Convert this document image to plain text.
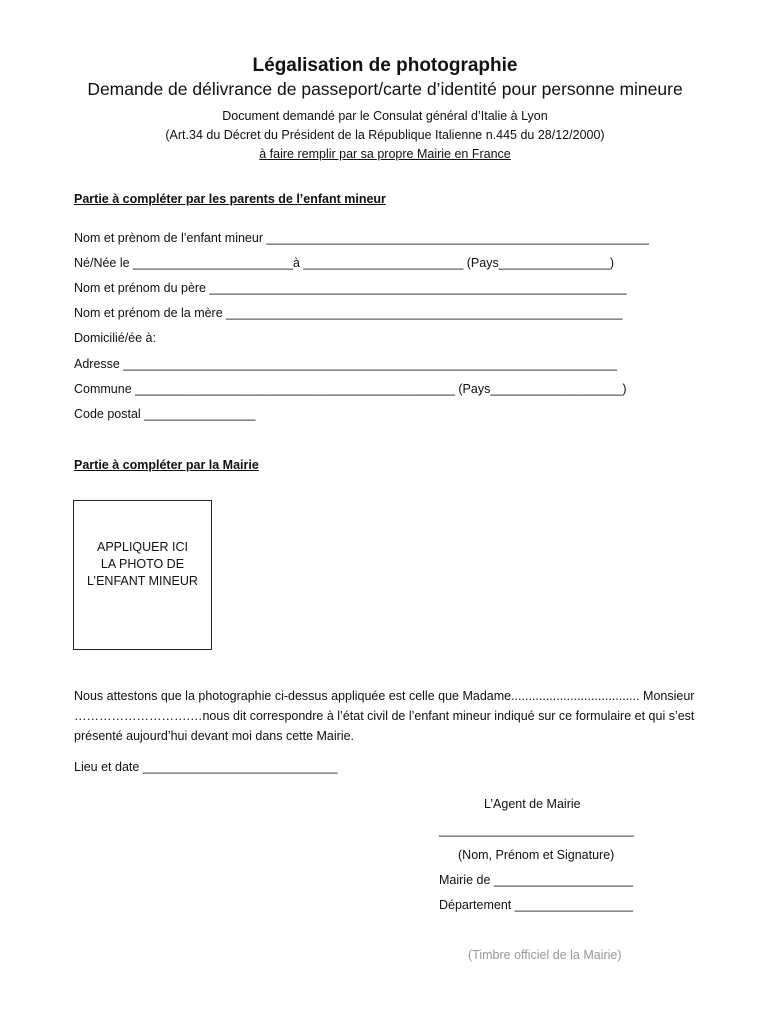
Légalisation de photographie
Demande de délivrance de passeport/carte d’identité pour personne mineure
Document demandé par le Consulat général d’Italie à Lyon
(Art.34 du Décret du Président de la République Italienne n.445 du 28/12/2000)
à faire remplir par sa propre Mairie en France
Partie à compléter par les parents de l’enfant mineur
Nom et prènom de l’enfant mineur _______________________________________________________
Né/Née le _______________________à _______________________ (Pays________________)
Nom et prénom du père ____________________________________________________________
Nom et prénom de la mère _________________________________________________________
Domicilié/ée à:
Adresse _______________________________________________________________________
Commune ______________________________________________ (Pays___________________)
Code postal ________________
Partie à compléter par la Mairie
APPLIQUER ICI
LA PHOTO DE
L’ENFANT MINEUR
Nous attestons que la photographie ci-dessus appliquée est celle que Madame..................................... Monsieur ……………………….…nous dit correspondre à l’état civil de l’enfant mineur indiqué sur ce formulaire et qui s’est présenté aujourd’hui devant moi dans cette Mairie.
Lieu et date ____________________________
L’Agent de Mairie
____________________________
(Nom, Prénom et Signature)
Mairie de ____________________
Département _________________
(Timbre officiel de la Mairie)
